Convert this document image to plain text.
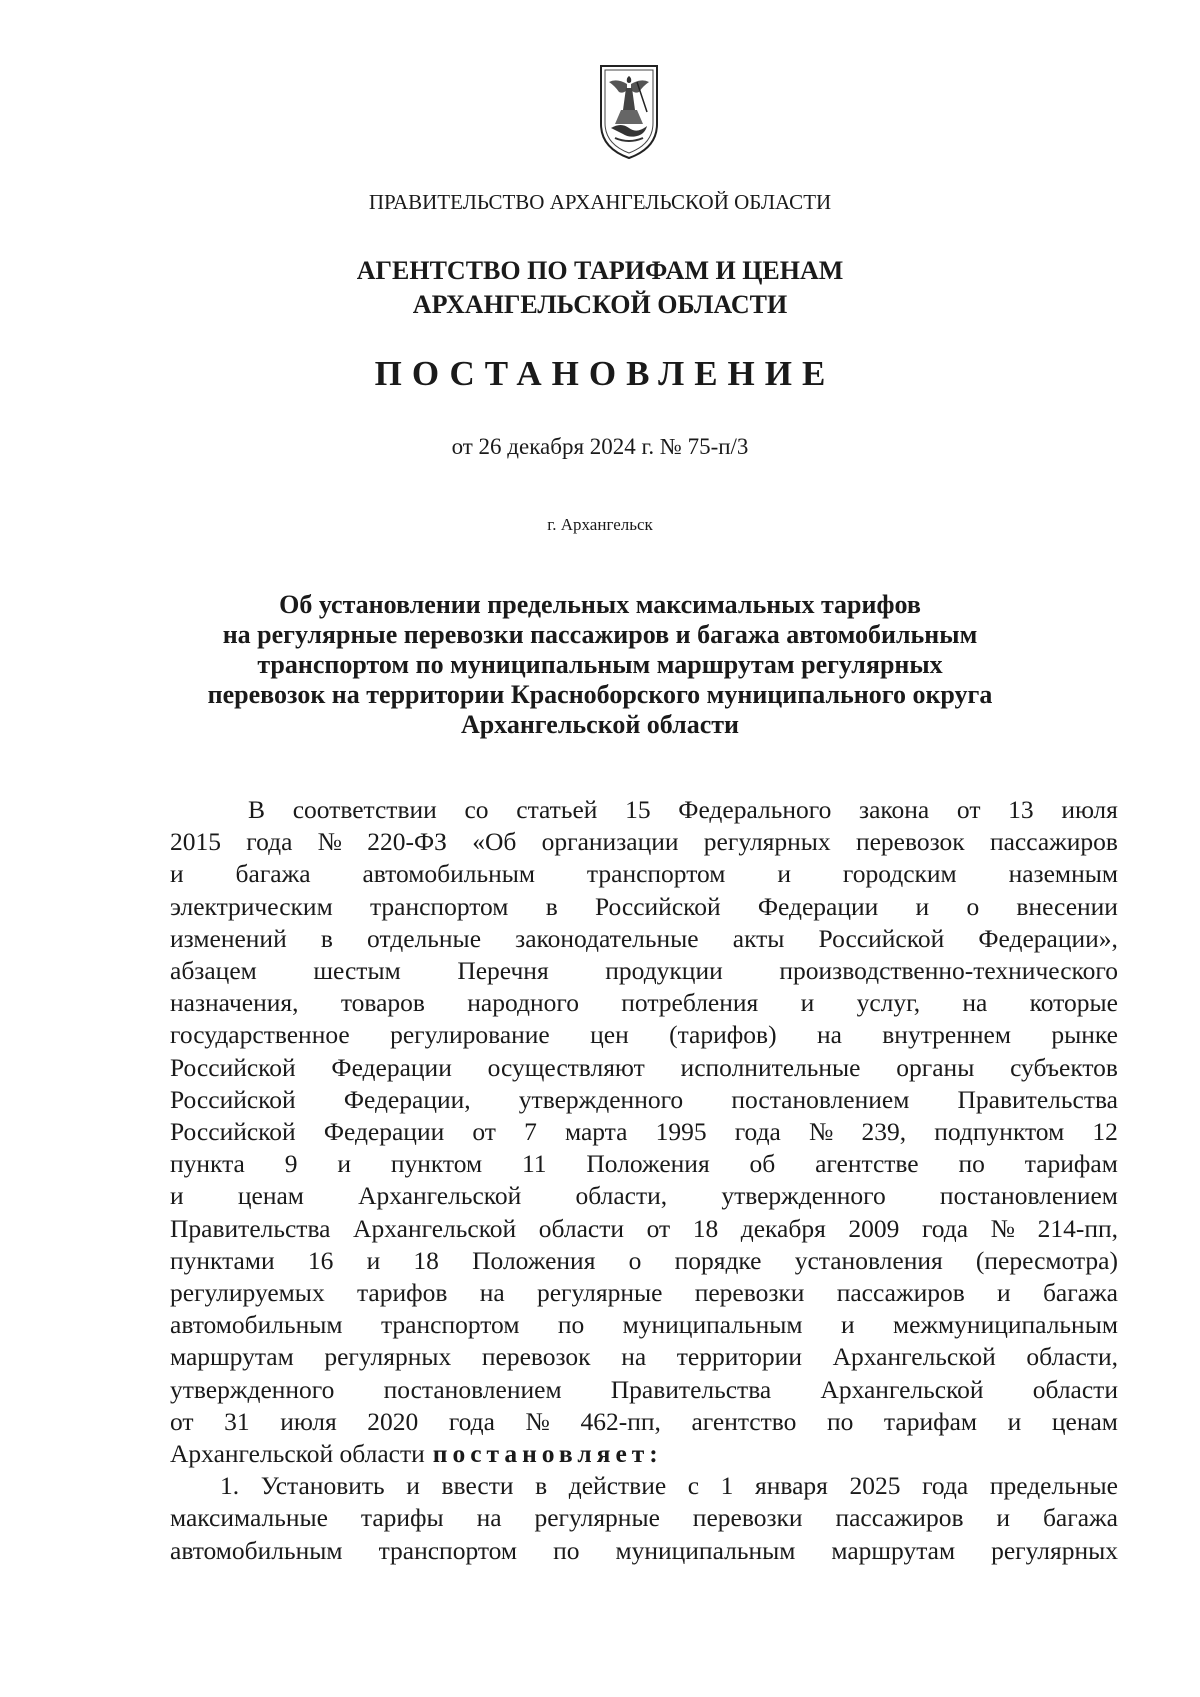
ПРАВИТЕЛЬСТВО АРХАНГЕЛЬСКОЙ ОБЛАСТИ
АГЕНТСТВО ПО ТАРИФАМ И ЦЕНАМ
АРХАНГЕЛЬСКОЙ ОБЛАСТИ
ПОСТАНОВЛЕНИЕ
от 26 декабря 2024 г. № 75-п/3
г. Архангельск
Об установлении предельных максимальных тарифов
на регулярные перевозки пассажиров и багажа автомобильным
транспортом по муниципальным маршрутам регулярных
перевозок на территории Красноборского муниципального округа
Архангельской области
В соответствии со статьей 15 Федерального закона от 13 июля
2015 года № 220-ФЗ «Об организации регулярных перевозок пассажиров
и багажа автомобильным транспортом и городским наземным
электрическим транспортом в Российской Федерации и о внесении
изменений в отдельные законодательные акты Российской Федерации»,
абзацем шестым Перечня продукции производственно-технического
назначения, товаров народного потребления и услуг, на которые
государственное регулирование цен (тарифов) на внутреннем рынке
Российской Федерации осуществляют исполнительные органы субъектов
Российской Федерации, утвержденного постановлением Правительства
Российской Федерации от 7 марта 1995 года № 239, подпунктом 12
пункта 9 и пунктом 11 Положения об агентстве по тарифам
и ценам Архангельской области, утвержденного постановлением
Правительства Архангельской области от 18 декабря 2009 года № 214-пп,
пунктами 16 и 18 Положения о порядке установления (пересмотра)
регулируемых тарифов на регулярные перевозки пассажиров и багажа
автомобильным транспортом по муниципальным и межмуниципальным
маршрутам регулярных перевозок на территории Архангельской области,
утвержденного постановлением Правительства Архангельской области
от 31 июля 2020 года № 462-пп, агентство по тарифам и ценам
Архангельской области постановляет:
1. Установить и ввести в действие с 1 января 2025 года предельные
максимальные тарифы на регулярные перевозки пассажиров и багажа
автомобильным транспортом по муниципальным маршрутам регулярных
